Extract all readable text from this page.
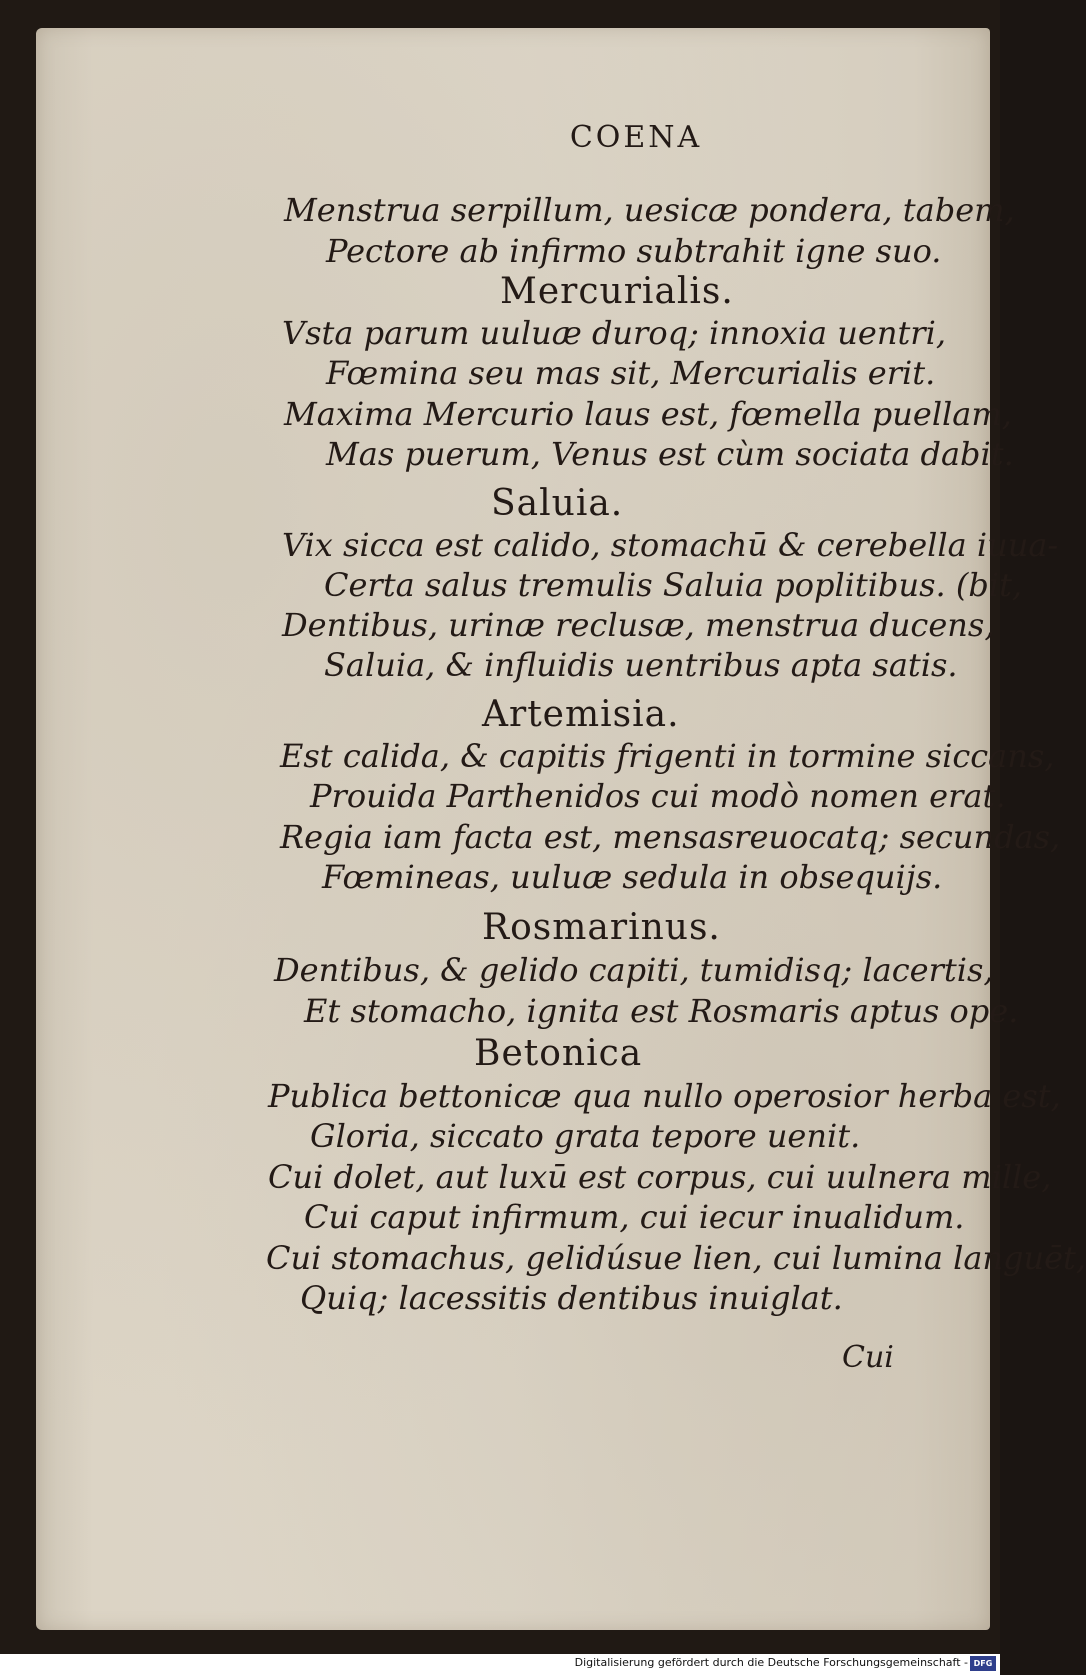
COENA
Menstrua serpillum, uesicæ pondera, tabem,
Pectore ab infirmo subtrahit igne suo.
Mercurialis.
Vsta parum uuluæ duroq; innoxia uentri,
Fœmina seu mas sit, Mercurialis erit.
Maxima Mercurio laus est, fœmella puellam,
Mas puerum, Venus est cùm sociata dabit.
Saluia.
Vix sicca est calido, stomachū & cerebella iuua-
Certa salus tremulis Saluia poplitibus. (bit,
Dentibus, urinæ reclusæ, menstrua ducens,
Saluia, & influidis uentribus apta satis.
Artemisia.
Est calida, & capitis frigenti in tormine siccans,
Prouida Parthenidos cui modò nomen erat.
Regia iam facta est, mensasreuocatq; secundas,
Fœmineas, uuluæ sedula in obsequijs.
Rosmarinus.
Dentibus, & gelido capiti, tumidisq; lacertis,
Et stomacho, ignita est Rosmaris aptus ope.
Betonica
Publica bettonicæ qua nullo operosior herba est,
Gloria, siccato grata tepore uenit.
Cui dolet, aut luxū est corpus, cui uulnera mille,
Cui caput infirmum, cui iecur inualidum.
Cui stomachus, gelidúsue lien, cui lumina languēt,
Quiq; lacessitis dentibus inuiglat.
Cui
Digitalisierung gefördert durch die Deutsche Forschungsgemeinschaft - DFG
